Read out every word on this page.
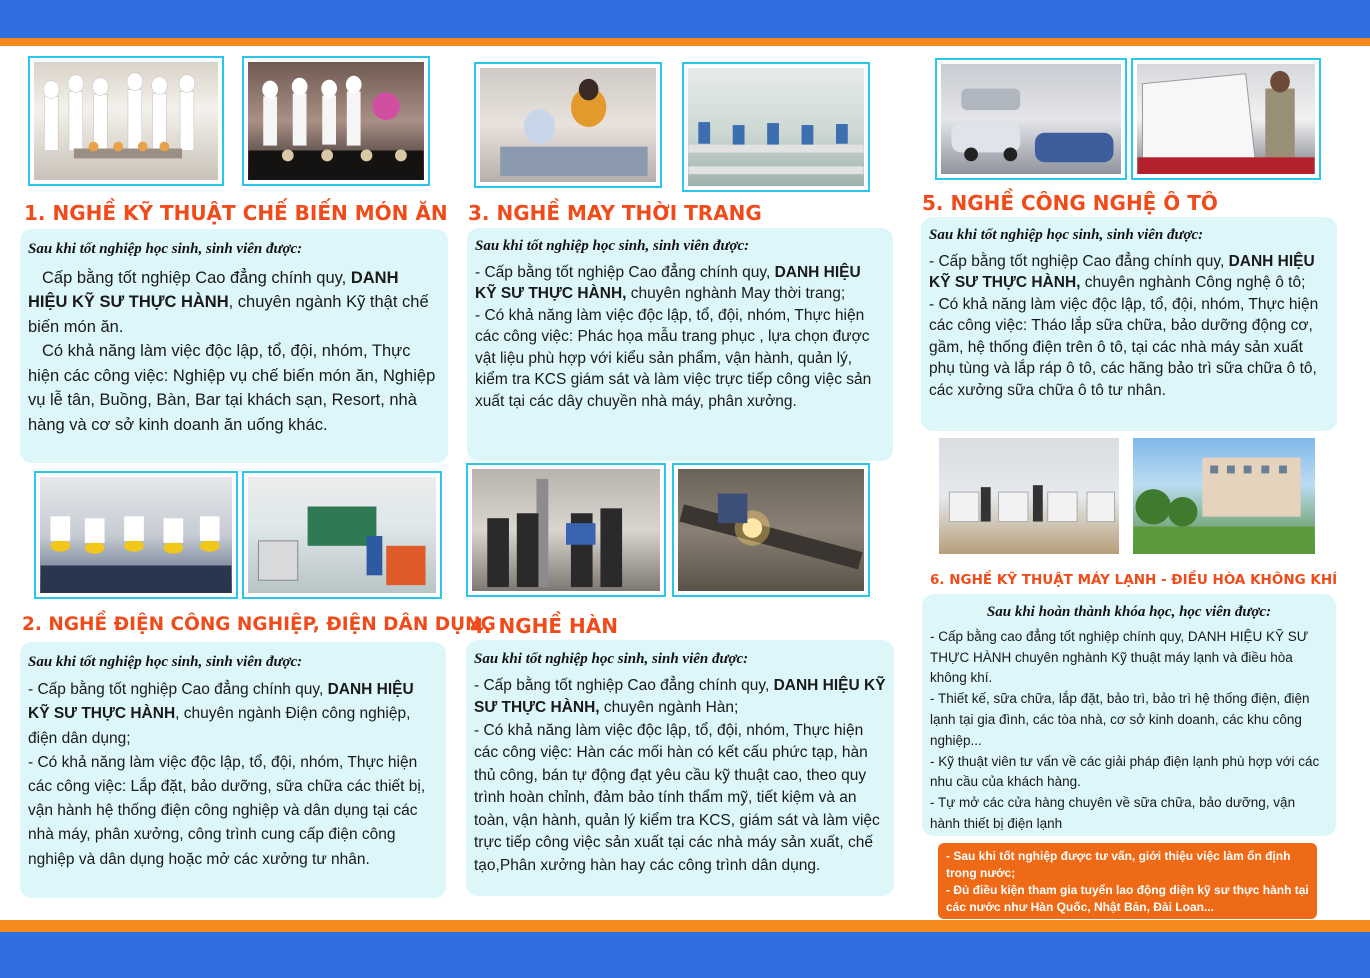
1. NGHỀ KỸ THUẬT CHẾ BIẾN MÓN ĂN 3. NGHỀ MAY THỜI TRANG	5. NGHỀ CÔNG NGHỆ Ô TÔ

Sau khi tốt nghiệp học sinh, sinh viên được:

Cấp bằng tốt nghiệp Cao đẳng chính quy, DANH HIỆU KỸ SƯ THỰC HÀNH, chuyên ngành Kỹ thật chế biến món ăn.

Có khả năng làm việc độc lập, tổ, đội, nhóm, Thực hiện các công việc: Nghiệp vụ chế biến món ăn, Nghiệp vụ lễ tân, Buồng, Bàn, Bar tại khách sạn, Resort, nhà hàng và cơ sở kinh doanh ăn uống khác.

Sau khi tốt nghiệp học sinh, sinh viên được:

- Cấp bằng tốt nghiệp Cao đẳng chính quy, DANH HIỆU KỸ SƯ THỰC HÀNH, chuyên nghành May thời trang;

- Có khả năng làm việc độc lập, tổ, đội, nhóm, Thực hiện các công việc: Phác họa mẫu trang phục , lựa chọn được vật liệu phù hợp với kiểu sản phẩm, vận hành, quản lý, kiểm tra KCS giám sát và làm việc trực tiếp công việc sản xuất tại các dây chuyền nhà máy, phân xưởng.

Sau khi tốt nghiệp học sinh, sinh viên được:

- Cấp bằng tốt nghiệp Cao đẳng chính quy, DANH HIỆU KỸ SƯ THỰC HÀNH, chuyên nghành Công nghệ ô tô;

- Có khả năng làm việc độc lập, tổ, đội, nhóm, Thực hiện các công việc: Tháo lắp sữa chữa, bảo dưỡng động cơ, gầm, hệ thống điện trên ô tô, tại các nhà máy sản xuất phụ tùng và lắp ráp ô tô, các hãng bảo trì sữa chữa ô tô, các xưởng sữa chữa ô tô tư nhân.

2. NGHỀ ĐIỆN CÔNG NGHIỆP, ĐIỆN DÂN DỤNG
4. NGHỀ HÀN
6. NGHỀ KỸ THUẬT MÁY LẠNH - ĐIỀU HÒA KHÔNG KHÍ

Sau khi tốt nghiệp học sinh, sinh viên được:

- Cấp bằng tốt nghiệp Cao đẳng chính quy, DANH HIỆU KỸ SƯ THỰC HÀNH, chuyên ngành Điện công nghiệp, điện dân dụng;

- Có khả năng làm việc độc lập, tổ, đội, nhóm, Thực hiện các công việc: Lắp đặt, bảo dưỡng, sữa chữa các thiết bị, vận hành hệ thống điện công nghiệp và dân dụng tại các nhà máy, phân xưởng, công trình cung cấp điện công nghiệp và dân dụng hoặc mở các xưởng tư nhân.

Sau khi tốt nghiệp học sinh, sinh viên được:

- Cấp bằng tốt nghiệp Cao đẳng chính quy, DANH HIỆU KỸ SƯ THỰC HÀNH, chuyên ngành Hàn;

- Có khả năng làm việc độc lập, tổ, đội, nhóm, Thực hiện các công việc: Hàn các mối hàn có kết cấu phức tạp, hàn thủ công, bán tự động đạt yêu cầu kỹ thuật cao, theo quy trình hoàn chỉnh, đảm bảo tính thẩm mỹ, tiết kiệm và an toàn, vận hành, quản lý kiểm tra KCS, giám sát và làm việc trực tiếp công việc sản xuất tại các nhà máy sản xuất, chế tạo,Phân xưởng hàn hay các công trình dân dụng.

Sau khi hoàn thành khóa học, học viên được:

- Cấp bằng cao đẳng tốt nghiệp chính quy, DANH HIỆU KỸ SƯ THỰC HÀNH chuyên nghành Kỹ thuật máy lạnh và điều hòa không khí.

- Thiết kế, sữa chữa, lắp đặt, bảo trì, bảo trì hệ thống điện, điện lạnh tại gia đình, các tòa nhà, cơ sở kinh doanh, các khu công nghiệp...

- Kỹ thuật viên tư vấn về các giải pháp điện lạnh phù hợp với các nhu cầu của khách hàng.

- Tự mở các cửa hàng chuyên về sữa chữa, bảo dưỡng, vận hành thiết bị điện lạnh

- Sau khi tốt nghiệp được tư vấn, giới thiệu việc làm ổn định trong nước;
- Đủ điều kiện tham gia tuyển lao động diện kỹ sư thực hành tại các nước như Hàn Quốc, Nhật Bản, Đài Loan...
